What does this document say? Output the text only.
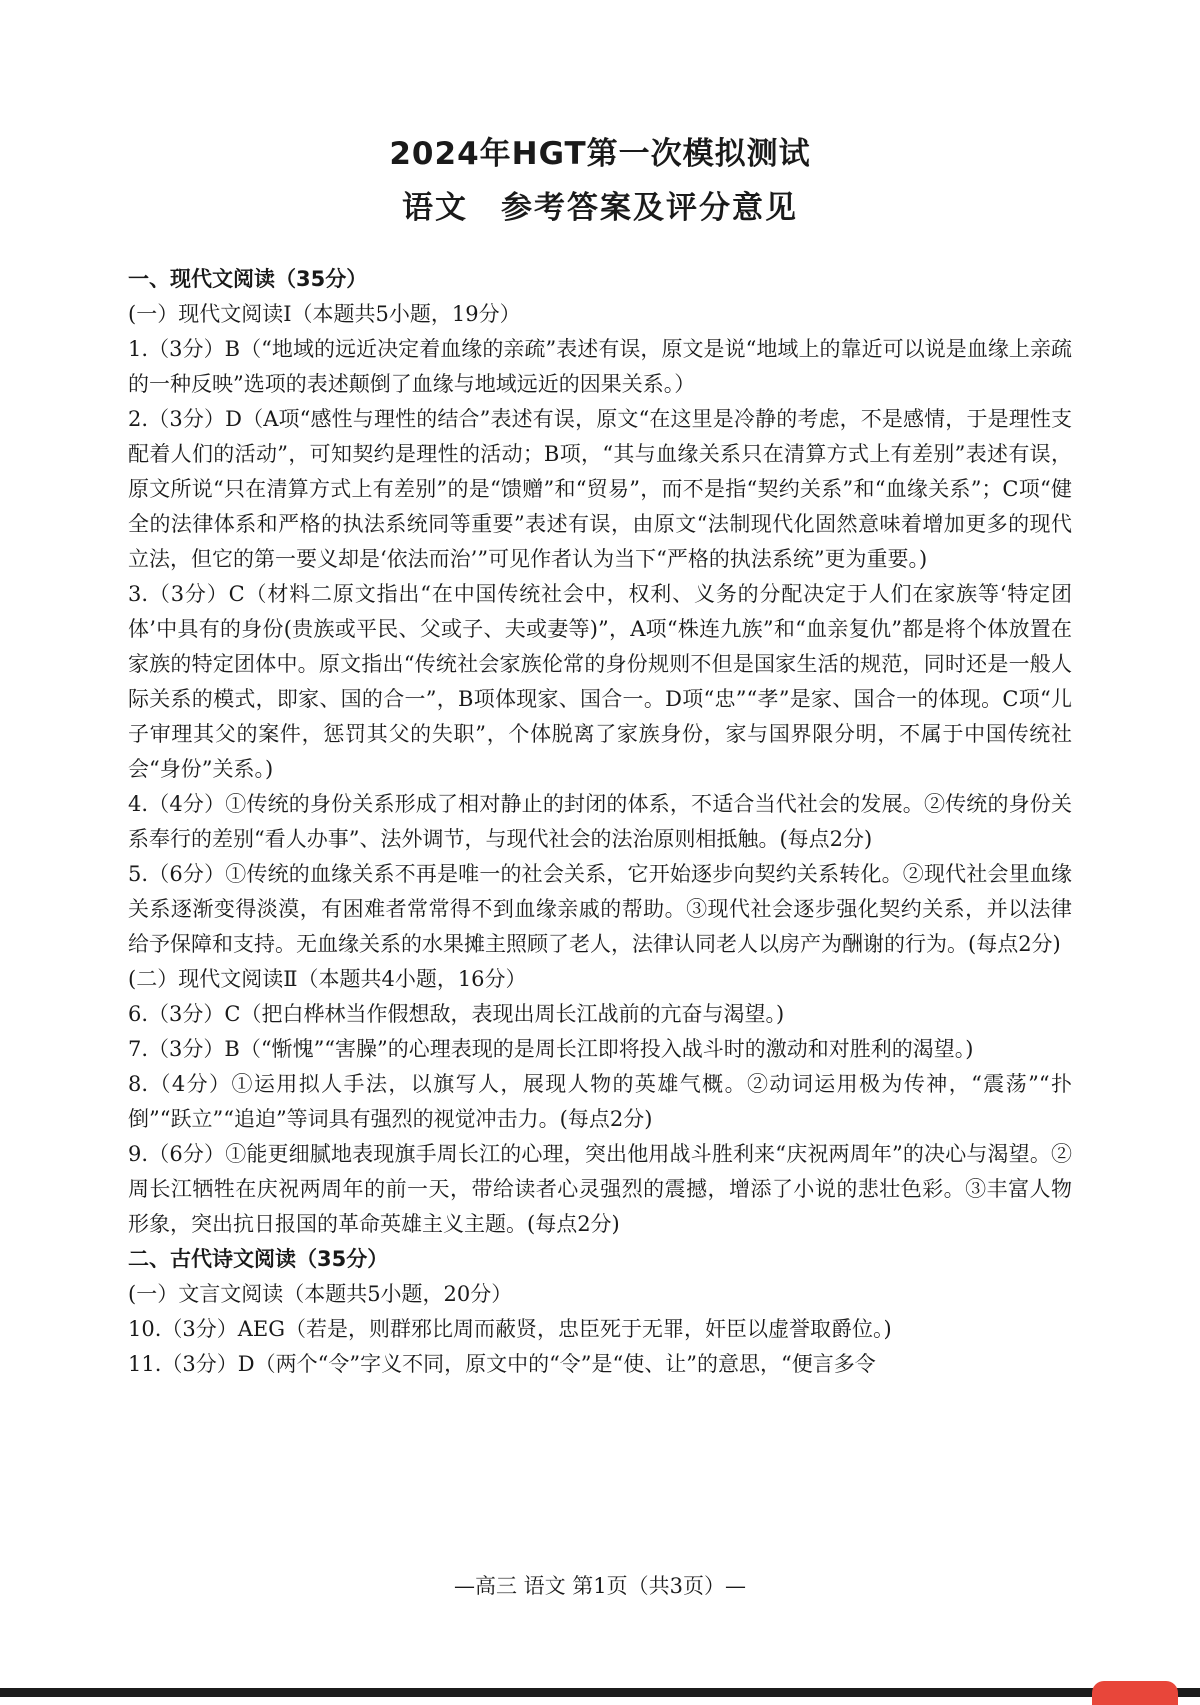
2024年HGT第一次模拟测试
语文　参考答案及评分意见

一、现代文阅读（35分）

(一）现代文阅读Ⅰ（本题共5小题，19分）

1.（3分）B（“地域的远近决定着血缘的亲疏”表述有误，原文是说“地域上的靠近可以说是血缘上亲疏的一种反映”选项的表述颠倒了血缘与地域远近的因果关系。）

2.（3分）D（A项“感性与理性的结合”表述有误，原文“在这里是冷静的考虑，不是感情，于是理性支配着人们的活动”，可知契约是理性的活动；B项，“其与血缘关系只在清算方式上有差别”表述有误，原文所说“只在清算方式上有差别”的是“馈赠”和“贸易”，而不是指“契约关系”和“血缘关系”；C项“健全的法律体系和严格的执法系统同等重要”表述有误，由原文“法制现代化固然意味着增加更多的现代立法，但它的第一要义却是‘依法而治’”可见作者认为当下“严格的执法系统”更为重要。)

3.（3分）C（材料二原文指出“在中国传统社会中，权利、义务的分配决定于人们在家族等‘特定团体’中具有的身份(贵族或平民、父或子、夫或妻等)”，A项“株连九族”和“血亲复仇”都是将个体放置在家族的特定团体中。原文指出“传统社会家族伦常的身份规则不但是国家生活的规范，同时还是一般人际关系的模式，即家、国的合一”，B项体现家、国合一。D项“忠”“孝”是家、国合一的体现。C项“儿子审理其父的案件，惩罚其父的失职”，个体脱离了家族身份，家与国界限分明，不属于中国传统社会“身份”关系。)

4.（4分）①传统的身份关系形成了相对静止的封闭的体系，不适合当代社会的发展。②传统的身份关系奉行的差别“看人办事”、法外调节，与现代社会的法治原则相抵触。(每点2分)

5.（6分）①传统的血缘关系不再是唯一的社会关系，它开始逐步向契约关系转化。②现代社会里血缘关系逐渐变得淡漠，有困难者常常得不到血缘亲戚的帮助。③现代社会逐步强化契约关系，并以法律给予保障和支持。无血缘关系的水果摊主照顾了老人，法律认同老人以房产为酬谢的行为。(每点2分)

(二）现代文阅读Ⅱ（本题共4小题，16分）

6.（3分）C（把白桦林当作假想敌，表现出周长江战前的亢奋与渴望。)

7.（3分）B（“惭愧”“害臊”的心理表现的是周长江即将投入战斗时的激动和对胜利的渴望。)

8.（4分）①运用拟人手法，以旗写人，展现人物的英雄气概。②动词运用极为传神，“震荡”“扑倒”“跃立”“追迫”等词具有强烈的视觉冲击力。(每点2分)

9.（6分）①能更细腻地表现旗手周长江的心理，突出他用战斗胜利来“庆祝两周年”的决心与渴望。②周长江牺牲在庆祝两周年的前一天，带给读者心灵强烈的震撼，增添了小说的悲壮色彩。③丰富人物形象，突出抗日报国的革命英雄主义主题。(每点2分)

二、古代诗文阅读（35分）

(一）文言文阅读（本题共5小题，20分）

10.（3分）AEG（若是，则群邪比周而蔽贤，忠臣死于无罪，奸臣以虚誉取爵位。)

11.（3分）D（两个“令”字义不同，原文中的“令”是“使、让”的意思，“便言多令

—高三 语文 第1页（共3页）—
